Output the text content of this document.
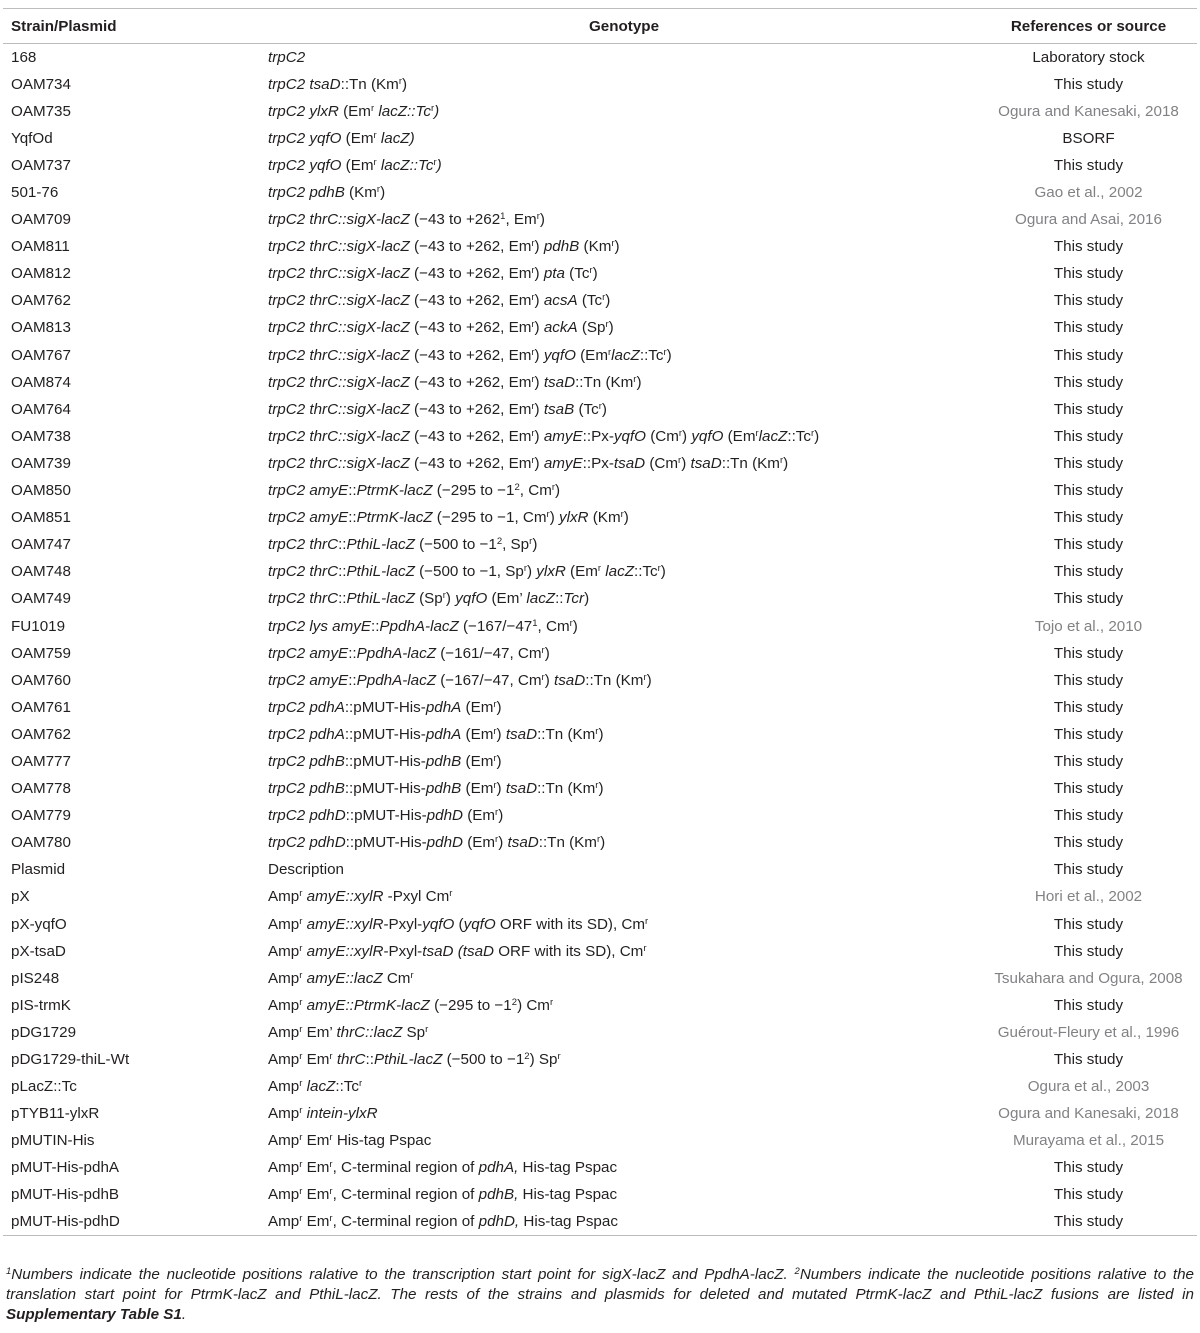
Strain/Plasmid	Genotype	References or source
168	trpC2	Laboratory stock
OAM734	trpC2 tsaD::Tn (Km$^r$)	This study
OAM735	trpC2 ylxR (Em$^r$ lacZ::Tc$^r$)	Ogura and Kanesaki, 2018
YqfOd	trpC2 yqfO (Em$^r$ lacZ)	BSORF
OAM737	trpC2 yqfO (Em$^r$ lacZ::Tc$^r$)	This study
501-76	trpC2 pdhB (Km$^r$)	Gao et al., 2002
OAM709	trpC2 thrC::sigX-lacZ (−43 to $+262^1$, Em$^r$)	Ogura and Asai, 2016
OAM811	trpC2 thrC::sigX-lacZ (−43 to +262, Em$^r$) pdhB (Km$^r$)	This study
OAM812	trpC2 thrC::sigX-lacZ (−43 to +262, Em$^r$) pta (Tc$^r$)	This study
OAM762	trpC2 thrC::sigX-lacZ (−43 to +262, Em$^r$) acsA (Tc$^r$)	This study
OAM813	trpC2 thrC::sigX-lacZ (−43 to +262, Em$^r$) ackA (Sp$^r$)	This study
OAM767	trpC2 thrC::sigX-lacZ (−43 to +262, Em$^r$) yqfO (Em$^r$lacZ::Tc$^r$)	This study
OAM874	trpC2 thrC::sigX-lacZ (−43 to +262, Em$^r$) tsaD::Tn (Km$^r$)	This study
OAM764	trpC2 thrC::sigX-lacZ (−43 to +262, Em$^r$) tsaB (Tc$^r$)	This study
OAM738	trpC2 thrC::sigX-lacZ (−43 to +262, Em$^r$) amyE::Px-yqfO (Cm$^r$) yqfO (Em$^r$lacZ::Tc$^r$)	This study
OAM739	trpC2 thrC::sigX-lacZ (−43 to +262, Em$^r$) amyE::Px-tsaD (Cm$^r$) tsaD::Tn (Km$^r$)	This study
OAM850	trpC2 amyE::PtrmK-lacZ (−295 to $-1^2$, Cm$^r$)	This study
OAM851	trpC2 amyE::PtrmK-lacZ (−295 to −1, Cm$^r$) ylxR (Km$^r$)	This study
OAM747	trpC2 thrC::PthiL-lacZ (−500 to $-1^2$, Sp$^r$)	This study
OAM748	trpC2 thrC::PthiL-lacZ (−500 to −1, Sp$^r$) ylxR (Em$^r$ lacZ::Tc$^r$)	This study
OAM749	trpC2 thrC::PthiL-lacZ (Sp$^r$) yqfO (Em’ lacZ::Tcr)	This study
FU1019	trpC2 lys amyE::PpdhA-lacZ ($-167/-47^1$, Cm$^r$)	Tojo et al., 2010
OAM759	trpC2 amyE::PpdhA-lacZ (−161/−47, Cm$^r$)	This study
OAM760	trpC2 amyE::PpdhA-lacZ (−167/−47, Cm$^r$) tsaD::Tn (Km$^r$)	This study
OAM761	trpC2 pdhA::pMUT-His-pdhA (Em$^r$)	This study
OAM762	trpC2 pdhA::pMUT-His-pdhA (Em$^r$) tsaD::Tn (Km$^r$)	This study
OAM777	trpC2 pdhB::pMUT-His-pdhB (Em$^r$)	This study
OAM778	trpC2 pdhB::pMUT-His-pdhB (Em$^r$) tsaD::Tn (Km$^r$)	This study
OAM779	trpC2 pdhD::pMUT-His-pdhD (Em$^r$)	This study
OAM780	trpC2 pdhD::pMUT-His-pdhD (Em$^r$) tsaD::Tn (Km$^r$)	This study
Plasmid	Description	This study
pX	Amp$^r$ amyE::xylR -Pxyl Cm$^r$	Hori et al., 2002
pX-yqfO	Amp$^r$ amyE::xylR-Pxyl-yqfO (yqfO ORF with its SD), Cm$^r$	This study
pX-tsaD	Amp$^r$ amyE::xylR-Pxyl-tsaD (tsaD ORF with its SD), Cm$^r$	This study
pIS248	Amp$^r$ amyE::lacZ Cm$^r$	Tsukahara and Ogura, 2008
pIS-trmK	Amp$^r$ amyE::PtrmK-lacZ (−295 to $-1^2$) Cm$^r$	This study
pDG1729	Amp$^r$ Em’ thrC::lacZ Sp$^r$	Guérout-Fleury et al., 1996
pDG1729-thiL-Wt	Amp$^r$ Em$^r$ thrC::PthiL-lacZ (−500 to $-1^2$) Sp$^r$	This study
pLacZ::Tc	Amp$^r$ lacZ::Tc$^r$	Ogura et al., 2003
pTYB11-ylxR	Amp$^r$ intein-ylxR	Ogura and Kanesaki, 2018
pMUTIN-His	Amp$^r$ Em$^r$ His-tag Pspac	Murayama et al., 2015
pMUT-His-pdhA	Amp$^r$ Em$^r$, C-terminal region of pdhA, His-tag Pspac	This study
pMUT-His-pdhB	Amp$^r$ Em$^r$, C-terminal region of pdhB, His-tag Pspac	This study
pMUT-His-pdhD	Amp$^r$ Em$^r$, C-terminal region of pdhD, His-tag Pspac	This study
$^1$Numbers indicate the nucleotide positions ralative to the transcription start point for sigX-lacZ and PpdhA-lacZ. $^2$Numbers indicate the nucleotide positions ralative to the translation start point for PtrmK-lacZ and PthiL-lacZ. The rests of the strains and plasmids for deleted and mutated PtrmK-lacZ and PthiL-lacZ fusions are listed in Supplementary Table S1.
